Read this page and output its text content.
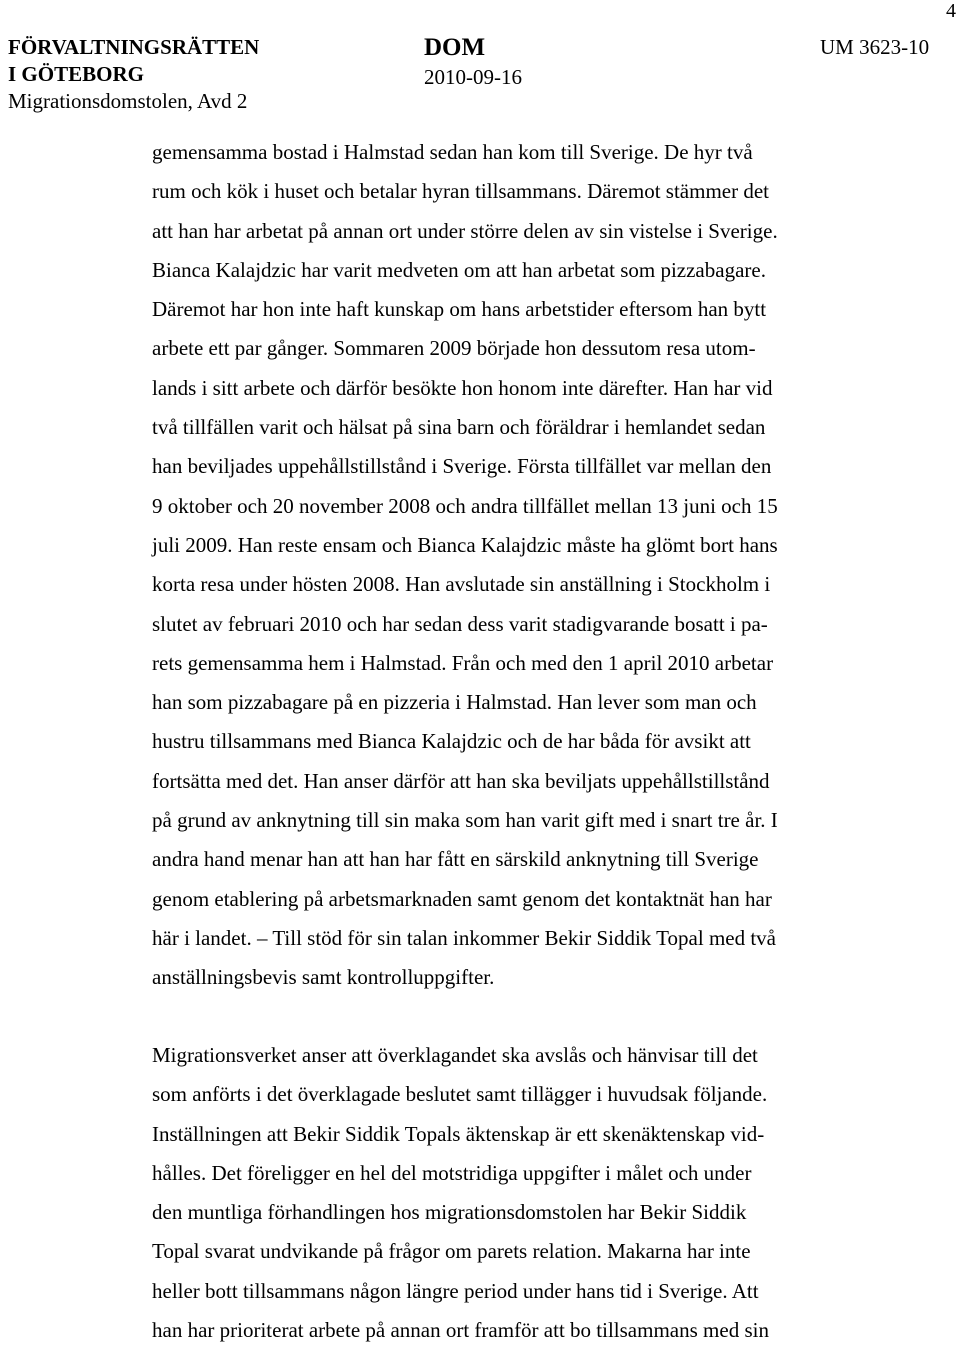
4
FÖRVALTNINGSRÄTTEN
I GÖTEBORG
Migrationsdomstolen, Avd 2
DOM
2010-09-16
UM 3623-10
gemensamma bostad i Halmstad sedan han kom till Sverige. De hyr två
rum och kök i huset och betalar hyran tillsammans. Däremot stämmer det
att han har arbetat på annan ort under större delen av sin vistelse i Sverige.
Bianca Kalajdzic har varit medveten om att han arbetat som pizzabagare.
Däremot har hon inte haft kunskap om hans arbetstider eftersom han bytt
arbete ett par gånger. Sommaren 2009 började hon dessutom resa utom-
lands i sitt arbete och därför besökte hon honom inte därefter. Han har vid
två tillfällen varit och hälsat på sina barn och föräldrar i hemlandet sedan
han beviljades uppehållstillstånd i Sverige. Första tillfället var mellan den
9 oktober och 20 november 2008 och andra tillfället mellan 13 juni och 15
juli 2009. Han reste ensam och Bianca Kalajdzic måste ha glömt bort hans
korta resa under hösten 2008. Han avslutade sin anställning i Stockholm i
slutet av februari 2010 och har sedan dess varit stadigvarande bosatt i pa-
rets gemensamma hem i Halmstad. Från och med den 1 april 2010 arbetar
han som pizzabagare på en pizzeria i Halmstad. Han lever som man och
hustru tillsammans med Bianca Kalajdzic och de har båda för avsikt att
fortsätta med det. Han anser därför att han ska beviljats uppehållstillstånd
på grund av anknytning till sin maka som han varit gift med i snart tre år. I
andra hand menar han att han har fått en särskild anknytning till Sverige
genom etablering på arbetsmarknaden samt genom det kontaktnät han har
här i landet. – Till stöd för sin talan inkommer Bekir Siddik Topal med två
anställningsbevis samt kontrolluppgifter.
Migrationsverket anser att överklagandet ska avslås och hänvisar till det
som anförts i det överklagade beslutet samt tillägger i huvudsak följande.
Inställningen att Bekir Siddik Topals äktenskap är ett skenäktenskap vid-
hålles. Det föreligger en hel del motstridiga uppgifter i målet och under
den muntliga förhandlingen hos migrationsdomstolen har Bekir Siddik
Topal svarat undvikande på frågor om parets relation. Makarna har inte
heller bott tillsammans någon längre period under hans tid i Sverige. Att
han har prioriterat arbete på annan ort framför att bo tillsammans med sin
